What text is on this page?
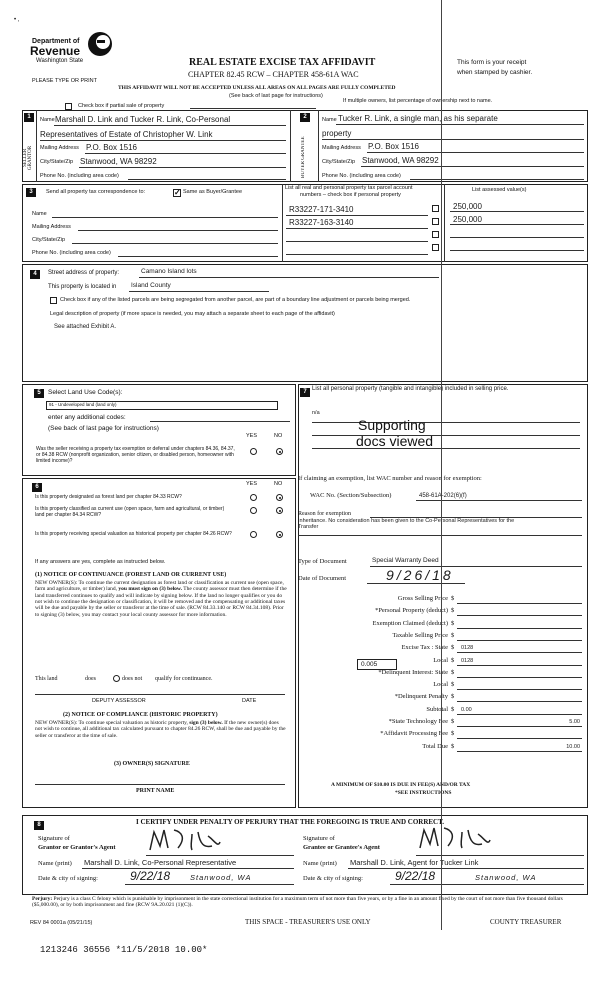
• ,
Department of
Revenue
Washington State
PLEASE TYPE OR PRINT
REAL ESTATE EXCISE TAX AFFIDAVIT
CHAPTER 82.45 RCW – CHAPTER 458-61A WAC
THIS AFFIDAVIT WILL NOT BE ACCEPTED UNLESS ALL AREAS ON ALL PAGES ARE FULLY COMPLETED
(See back of last page for instructions)
This form is your receipt
when stamped by cashier.
Check box if partial sale of property
If multiple owners, list percentage of ownership next to name.
1
SELLER GRANTOR
Name Marshall D. Link and Tucker R. Link, Co-Personal
Representatives of Estate of Christopher W. Link
Mailing Address P.O. Box 1516
City/State/Zip Stanwood, WA 98292
Phone No. (including area code)
2
BUYER GRANTEE
Name Tucker R. Link, a single man, as his separate
property
Mailing Address P.O. Box 1516
City/State/Zip Stanwood, WA 98292
Phone No. (including area code)
3	Send all property tax correspondence to:	✓ Same as Buyer/Grantee
Name
Mailing Address
City/State/Zip
Phone No. (including area code)
List all real and personal property tax parcel account
numbers – check box if personal property
List assessed value(s)
R33227-171-3410	250,000
R33227-163-3140	250,000
4	Street address of property:	Camano Island lots
This property is located in Island County
Check box if any of the listed parcels are being segregated from another parcel, are part of a boundary line adjustment or parcels being merged.
Legal description of property (if more space is needed, you may attach a separate sheet to each page of the affidavit)
See attached Exhibit A.
5	Select Land Use Code(s):
91 - Undeveloped land (land only)
enter any additional codes:
(See back of last page for instructions)
YES	NO
Was the seller receiving a property tax exemption or deferral under chapters 84.36, 84.37, or 84.38 RCW (nonprofit organization, senior citizen, or disabled person, homeowner with limited income)?
6	YES	NO
Is this property designated as forest land per chapter 84.33 RCW?
Is this property classified as current use (open space, farm and agricultural, or timber) land per chapter 84.34 RCW?
Is this property receiving special valuation as historical property per chapter 84.26 RCW?
If any answers are yes, complete as instructed below.
(1) NOTICE OF CONTINUANCE (FOREST LAND OR CURRENT USE)
NEW OWNER(S): To continue the current designation as forest land or classification as current use (open space, farm and agriculture, or timber) land, you must sign on (3) below. The county assessor must then determine if the land transferred continues to qualify and will indicate by signing below. If the land no longer qualifies or you do not wish to continue the designation or classification, it will be removed and the compensating or additional taxes will be due and payable by the seller or transferor at the time of sale. (RCW 84.33.140 or RCW 84.34.108). Prior to signing (3) below, you may contact your local county assessor for more information.
This land	does	does not qualify for continuance.
DEPUTY ASSESSOR	DATE
(2) NOTICE OF COMPLIANCE (HISTORIC PROPERTY)
NEW OWNER(S): To continue special valuation as historic property, sign (3) below. If the new owner(s) does not wish to continue, all additional tax calculated pursuant to chapter 84.26 RCW, shall be due and payable by the seller or transferor at the time of sale.
(3) OWNER(S) SIGNATURE
PRINT NAME
7 List all personal property (tangible and intangible) included in selling price.
n/a
Supporting
docs viewed
If claiming an exemption, list WAC number and reason for exemption:
WAC No. (Section/Subsection)	458-61A-202(6)(f)
Reason for exemption
Inheritance. No consideration has been given to the Co-Personal Representatives for the Transfer
Type of Document	Special Warranty Deed
Date of Document	9/26/18
Gross Selling Price $
*Personal Property (deduct) $
Exemption Claimed (deduct) $
Taxable Selling Price $
Excise Tax : State $ 0128
Local $ 0128
*Delinquent Interest: State $
Local $
*Delinquent Penalty $
Subtotal $ 0.00
*State Technology Fee $	5.00
*Affidavit Processing Fee $
Total Due $	10.00
0.005
A MINIMUM OF $10.00 IS DUE IN FEE(S) AND/OR TAX
*SEE INSTRUCTIONS
8	I CERTIFY UNDER PENALTY OF PERJURY THAT THE FOREGOING IS TRUE AND CORRECT.
Signature of
Grantor or Grantor's Agent
Name (print) Marshall D. Link, Co-Personal Representative
Date & city of signing:	9/22/18	Stanwood, WA
Signature of
Grantee or Grantee's Agent
Name (print) Marshall D. Link, Agent for Tucker Link
Date & city of signing:	9/22/18	Stanwood, WA
Perjury: Perjury is a class C felony which is punishable by imprisonment in the state correctional institution for a maximum term of not more than five years, or by a fine in an amount fixed by the court of not more than five thousand dollars ($5,000.00), or by both imprisonment and fine (RCW 9A.20.021 (1)(C)).
REV 84 0001a (05/21/15)	THIS SPACE - TREASURER'S USE ONLY	COUNTY TREASURER
1213246 36556 *11/5/2018 10.00*
